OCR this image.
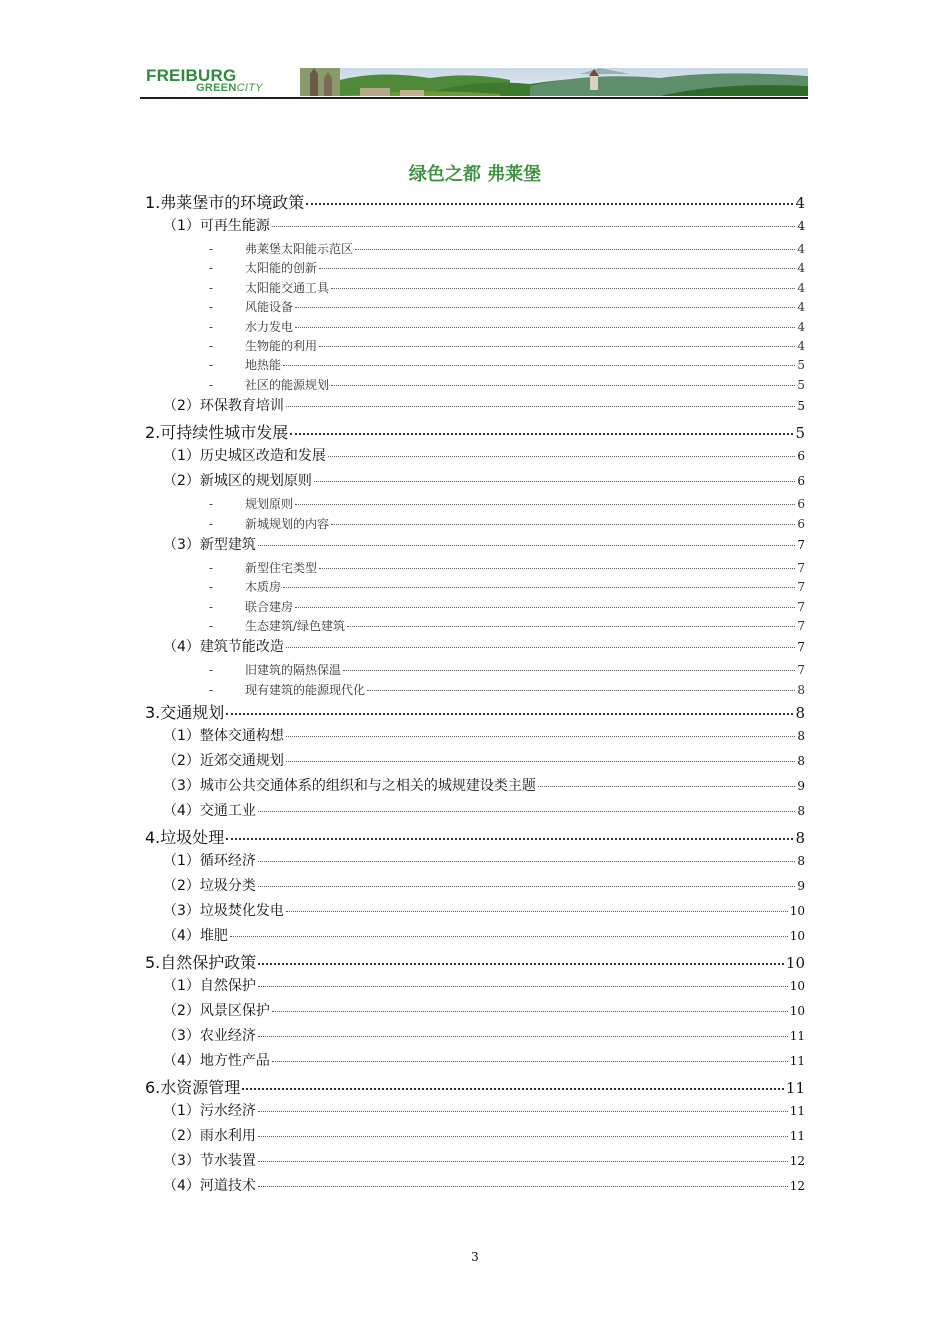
FREIBURG
GREENCITY
绿色之都 弗莱堡
1.弗莱堡市的环境政策	4
（1）可再生能源	4
-	弗莱堡太阳能示范区	4
-	太阳能的创新	4
-	太阳能交通工具	4
-	风能设备	4
-	水力发电	4
-	生物能的利用	4
-	地热能	5
-	社区的能源规划	5
（2）环保教育培训	5
2.可持续性城市发展	5
（1）历史城区改造和发展	6
（2）新城区的规划原则	6
-	规划原则	6
-	新城规划的内容	6
（3）新型建筑	7
-	新型住宅类型	7
-	木质房	7
-	联合建房	7
-	生态建筑/绿色建筑	7
（4）建筑节能改造	7
-	旧建筑的隔热保温	7
-	现有建筑的能源现代化	8
3.交通规划	8
（1）整体交通构想	8
（2）近郊交通规划	8
（3）城市公共交通体系的组织和与之相关的城规建设类主题	9
（4）交通工业	8
4.垃圾处理	8
（1）循环经济	8
（2）垃圾分类	9
（3）垃圾焚化发电	10
（4）堆肥	10
5.自然保护政策	10
（1）自然保护	10
（2）风景区保护	10
（3）农业经济	11
（4）地方性产品	11
6.水资源管理	11
（1）污水经济	11
（2）雨水利用	11
（3）节水装置	12
（4）河道技术	12
3
